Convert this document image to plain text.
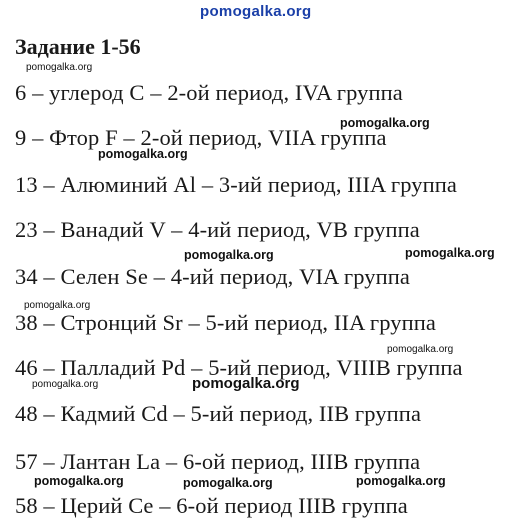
pomogalka.org
Задание 1-56
6 – углерод С – 2-ой период, IVA группа
9 – Фтор F – 2-ой период, VIIA группа
13 – Алюминий Al – 3-ий период, IIIA группа
23 – Ванадий V – 4-ий период, VB группа
34 – Селен Se – 4-ий период, VIA группа
38 – Стронций Sr – 5-ий период, IIA группа
46 – Палладий Pd – 5-ий период, VIIIB группа
48 – Кадмий Cd – 5-ий период, IIB группа
57 – Лантан La – 6-ой период, IIIB группа
58 – Церий Ce – 6-ой период IIIB группа
pomogalka.org
pomogalka.org
pomogalka.org
pomogalka.org	pomogalka.org
pomogalka.org
pomogalka.org
pomogalka.org	pomogalka.org
pomogalka.org	pomogalka.org	pomogalka.org
